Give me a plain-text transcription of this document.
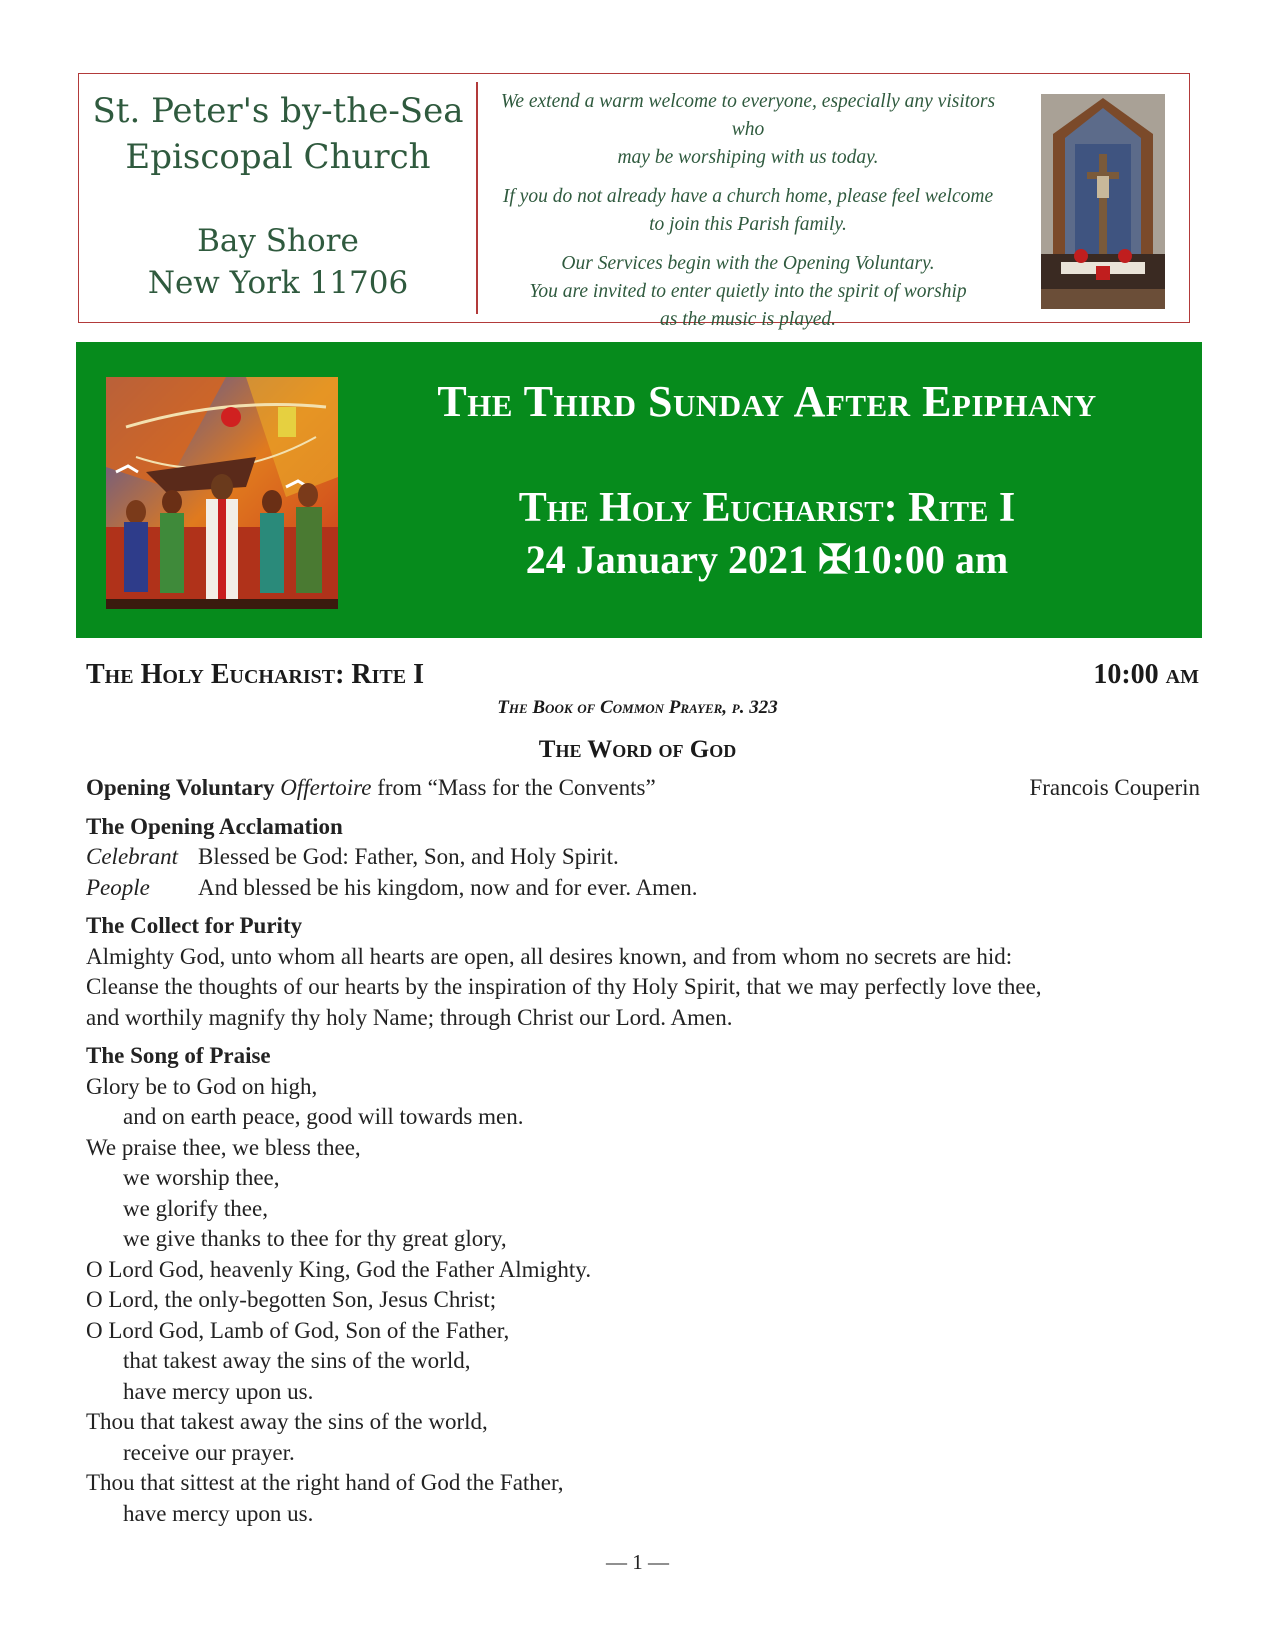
St. Peter's by-the-Sea
Episcopal Church
Bay Shore
New York 11706

We extend a warm welcome to everyone, especially any visitors who
may be worshiping with us today.

If you do not already have a church home, please feel welcome
to join this Parish family.

Our Services begin with the Opening Voluntary.
You are invited to enter quietly into the spirit of worship
as the music is played.

The Third Sunday After Epiphany
The Holy Eucharist: Rite I
24 January 2021 ✠10:00 am
The Holy Eucharist: Rite I	10:00 am
The Book of Common Prayer, p. 323
The Word of God
Opening Voluntary Offertoire from “Mass for the Convents”	Francois Couperin
The Opening Acclamation
Celebrant Blessed be God: Father, Son, and Holy Spirit.
People And blessed be his kingdom, now and for ever. Amen.
The Collect for Purity
Almighty God, unto whom all hearts are open, all desires known, and from whom no secrets are hid:
Cleanse the thoughts of our hearts by the inspiration of thy Holy Spirit, that we may perfectly love thee,
and worthily magnify thy holy Name; through Christ our Lord. Amen.
The Song of Praise
Glory be to God on high,
and on earth peace, good will towards men.
We praise thee, we bless thee,
we worship thee,
we glorify thee,
we give thanks to thee for thy great glory,
O Lord God, heavenly King, God the Father Almighty.
O Lord, the only-begotten Son, Jesus Christ;
O Lord God, Lamb of God, Son of the Father,
that takest away the sins of the world,
have mercy upon us.
Thou that takest away the sins of the world,
receive our prayer.
Thou that sittest at the right hand of God the Father,
have mercy upon us.
— 1 —
